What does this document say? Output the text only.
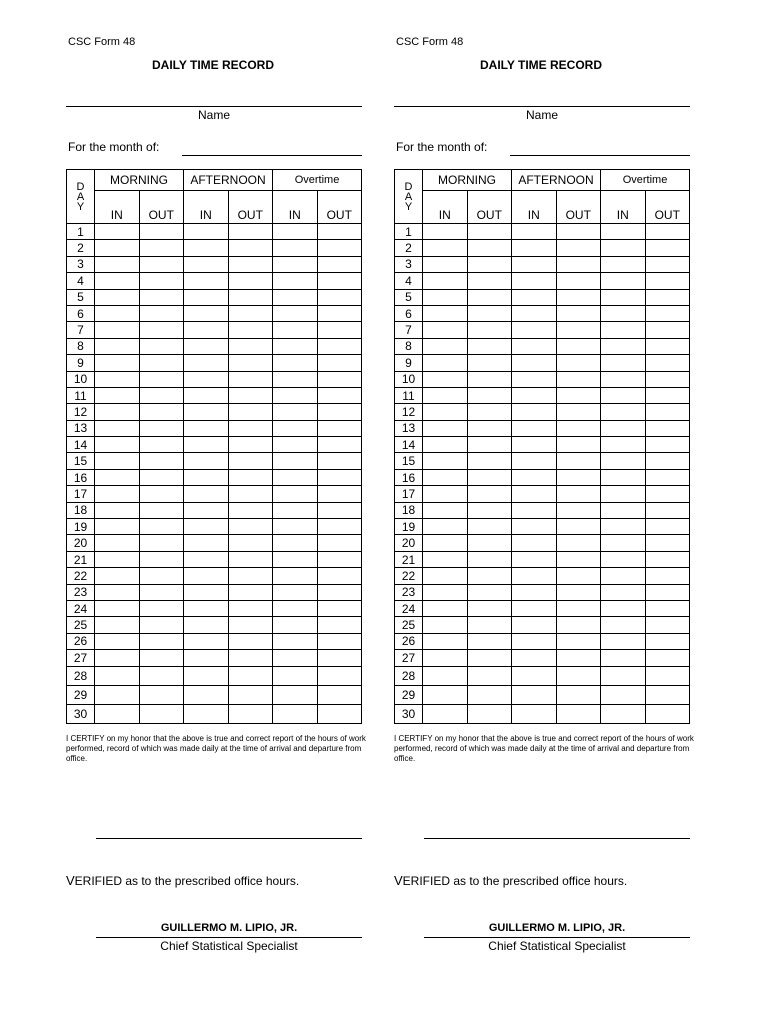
CSC Form 48
DAILY TIME RECORD
Name
For the month of:
D A Y	MORNING		AFTERNOON		Overtime	
	IN	OUT	IN	OUT	IN	OUT
1						
2						
3						
4						
5						
6						
7						
8						
9						
10						
11						
12						
13						
14						
15						
16						
17						
18						
19						
20						
21						
22						
23						
24						
25						
26						
27						
28						
29						
30						
I CERTIFY on my honor that the above is true and correct report of the hours of work performed, record of which was made daily at the time of arrival and departure from office.
VERIFIED as to the prescribed office hours.
GUILLERMO M. LIPIO, JR.
Chief Statistical Specialist
CSC Form 48
DAILY TIME RECORD
Name
For the month of:
D A Y	MORNING		AFTERNOON		Overtime	
	IN	OUT	IN	OUT	IN	OUT
1						
2						
3						
4						
5						
6						
7						
8						
9						
10						
11						
12						
13						
14						
15						
16						
17						
18						
19						
20						
21						
22						
23						
24						
25						
26						
27						
28						
29						
30						
I CERTIFY on my honor that the above is true and correct report of the hours of work performed, record of which was made daily at the time of arrival and departure from office.
VERIFIED as to the prescribed office hours.
GUILLERMO M. LIPIO, JR.
Chief Statistical Specialist
